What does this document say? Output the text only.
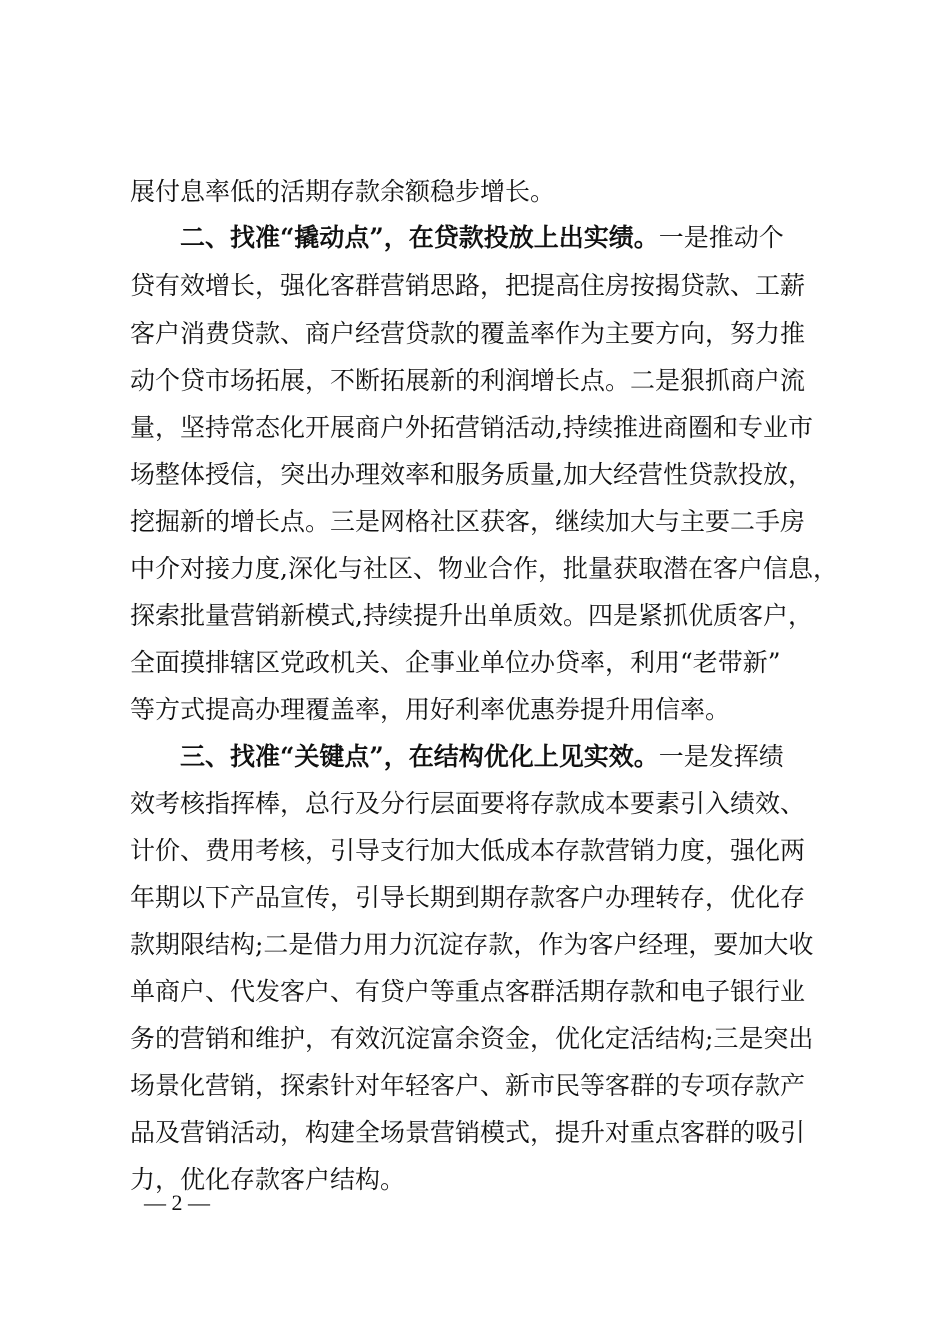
展付息率低的活期存款余额稳步增长。
二、找准“撬动点”，在贷款投放上出实绩。一是推动个
贷有效增长，强化客群营销思路，把提高住房按揭贷款、工薪
客户消费贷款、商户经营贷款的覆盖率作为主要方向，努力推
动个贷市场拓展，不断拓展新的利润增长点。二是狠抓商户流
量，坚持常态化开展商户外拓营销活动,持续推进商圈和专业市
场整体授信，突出办理效率和服务质量,加大经营性贷款投放，
挖掘新的增长点。三是网格社区获客，继续加大与主要二手房
中介对接力度,深化与社区、物业合作，批量获取潜在客户信息，
探索批量营销新模式,持续提升出单质效。四是紧抓优质客户，
全面摸排辖区党政机关、企事业单位办贷率，利用“老带新”
等方式提高办理覆盖率，用好利率优惠券提升用信率。
三、找准“关键点”，在结构优化上见实效。一是发挥绩
效考核指挥棒，总行及分行层面要将存款成本要素引入绩效、
计价、费用考核，引导支行加大低成本存款营销力度，强化两
年期以下产品宣传，引导长期到期存款客户办理转存，优化存
款期限结构;二是借力用力沉淀存款，作为客户经理，要加大收
单商户、代发客户、有贷户等重点客群活期存款和电子银行业
务的营销和维护，有效沉淀富余资金，优化定活结构;三是突出
场景化营销，探索针对年轻客户、新市民等客群的专项存款产
品及营销活动，构建全场景营销模式，提升对重点客群的吸引
力，优化存款客户结构。
— 2 —
